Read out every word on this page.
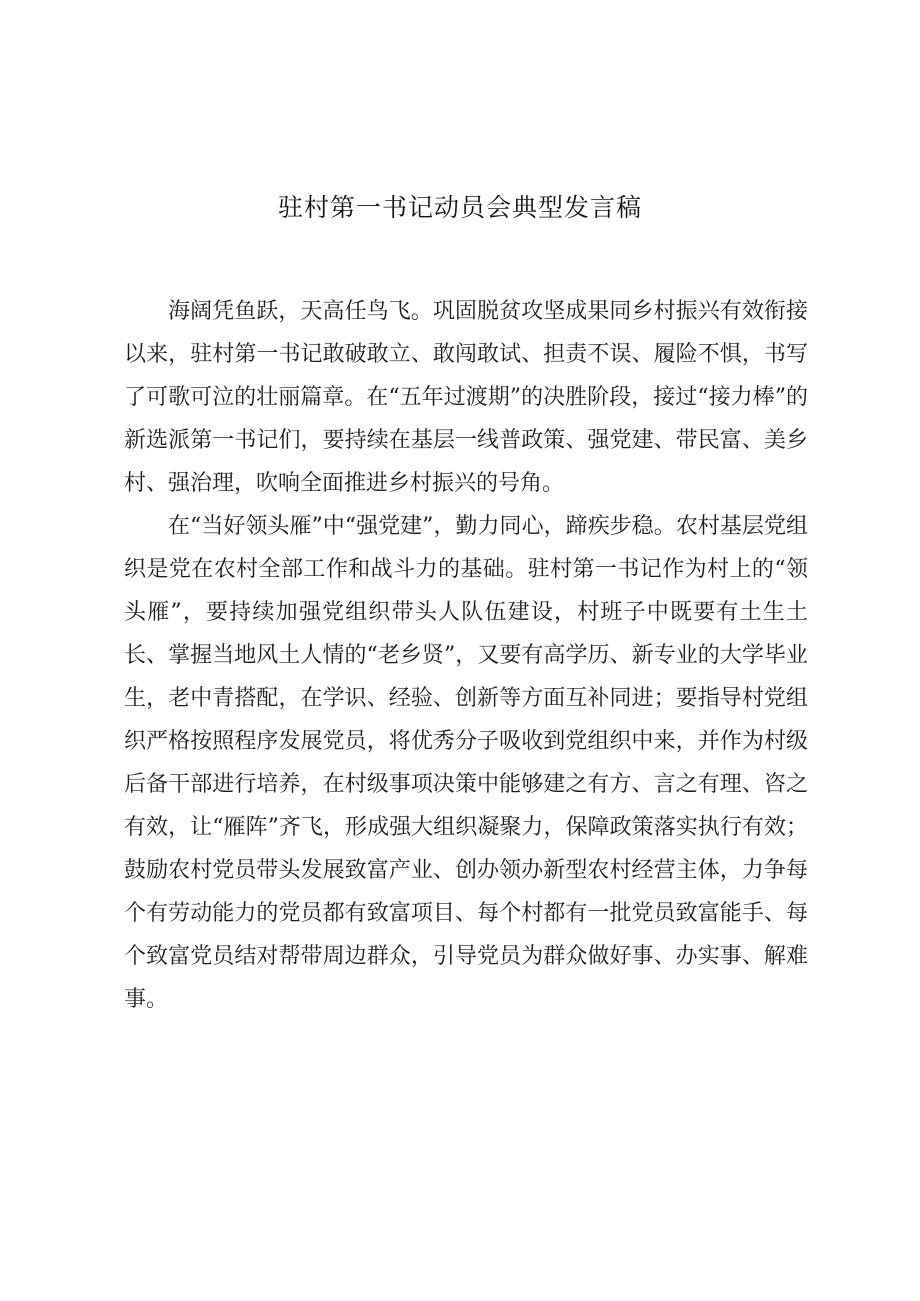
驻村第一书记动员会典型发言稿

海阔凭鱼跃，天高任鸟飞。巩固脱贫攻坚成果同乡村振兴有效衔接以来，驻村第一书记敢破敢立、敢闯敢试、担责不误、履险不惧，书写了可歌可泣的壮丽篇章。在“五年过渡期”的决胜阶段，接过“接力棒”的新选派第一书记们，要持续在基层一线普政策、强党建、带民富、美乡村、强治理，吹响全面推进乡村振兴的号角。

在“当好领头雁”中“强党建”，勤力同心，蹄疾步稳。农村基层党组织是党在农村全部工作和战斗力的基础。驻村第一书记作为村上的“领头雁”，要持续加强党组织带头人队伍建设，村班子中既要有土生土长、掌握当地风土人情的“老乡贤”，又要有高学历、新专业的大学毕业生，老中青搭配，在学识、经验、创新等方面互补同进；要指导村党组织严格按照程序发展党员，将优秀分子吸收到党组织中来，并作为村级后备干部进行培养，在村级事项决策中能够建之有方、言之有理、咨之有效，让“雁阵”齐飞，形成强大组织凝聚力，保障政策落实执行有效；鼓励农村党员带头发展致富产业、创办领办新型农村经营主体，力争每个有劳动能力的党员都有致富项目、每个村都有一批党员致富能手、每个致富党员结对帮带周边群众，引导党员为群众做好事、办实事、解难事。
